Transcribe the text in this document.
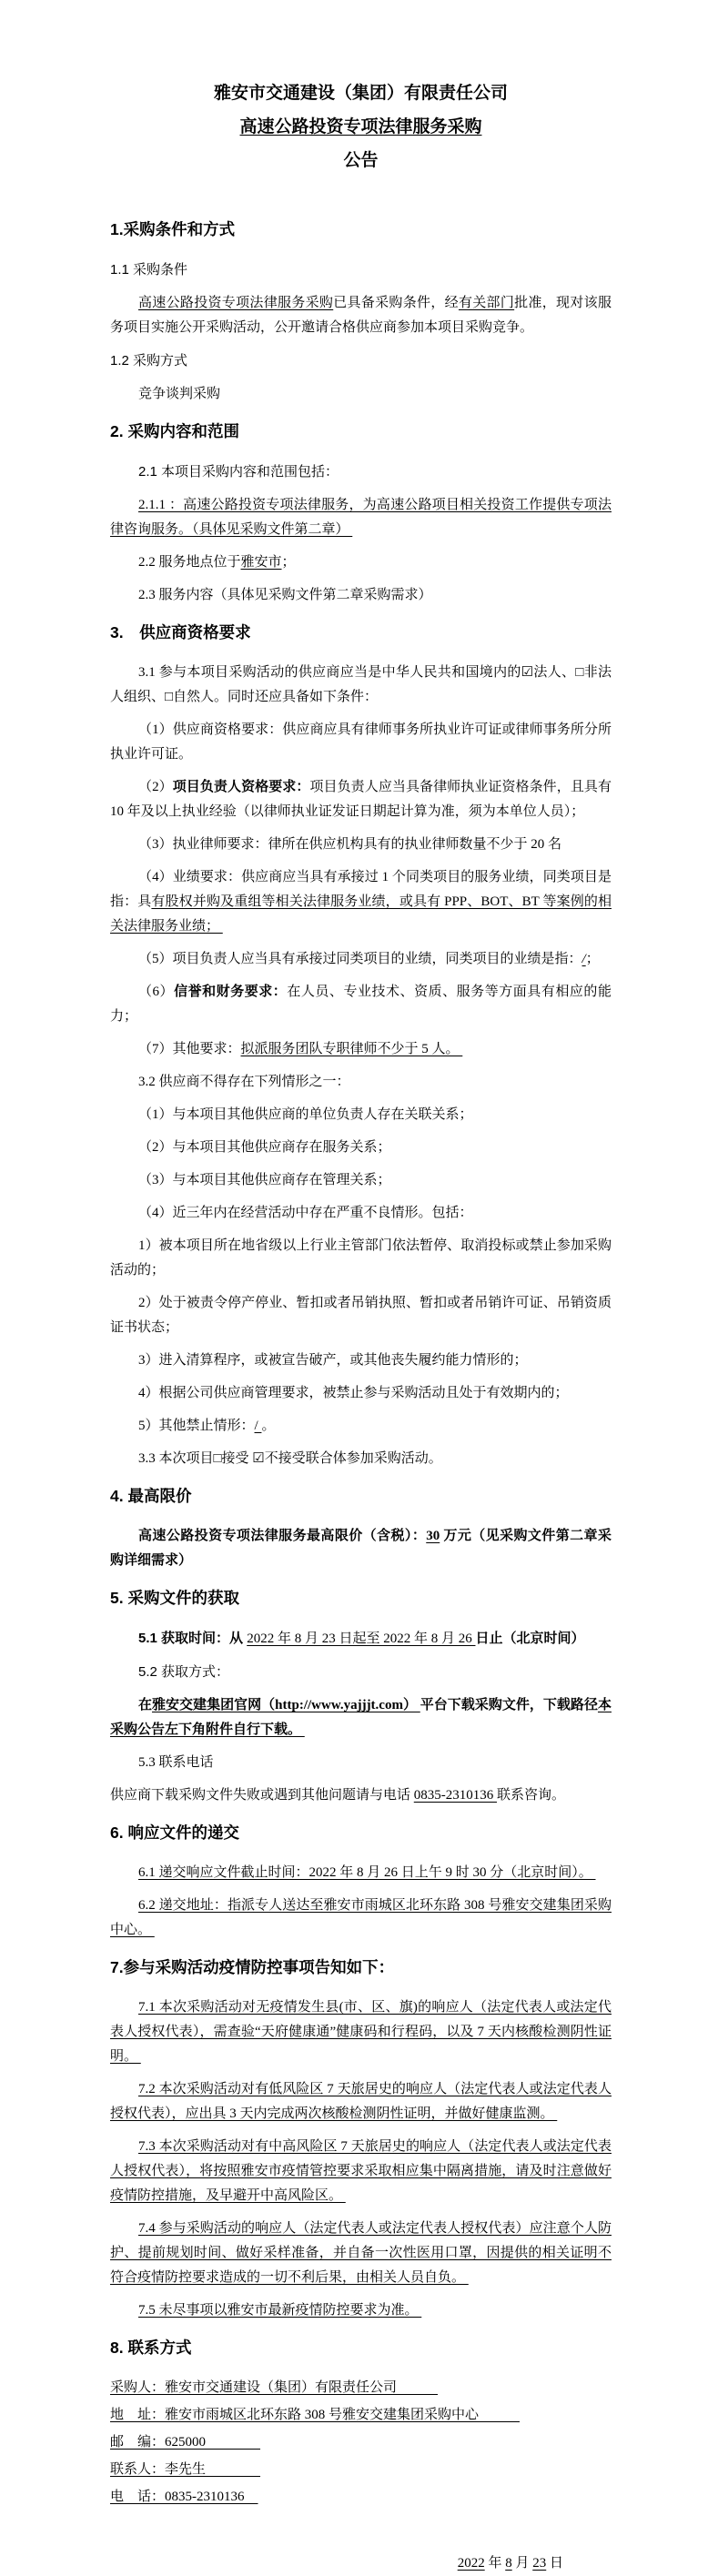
雅安市交通建设（集团）有限责任公司

高速公路投资专项法律服务采购

公告

1.采购条件和方式

1.1 采购条件

高速公路投资专项法律服务采购已具备采购条件，经有关部门批准，现对该服务项目实施公开采购活动，公开邀请合格供应商参加本项目采购竞争。

1.2 采购方式

竞争谈判采购

2. 采购内容和范围

2.1 本项目采购内容和范围包括：

2.1.1 ：高速公路投资专项法律服务，为高速公路项目相关投资工作提供专项法律咨询服务。（具体见采购文件第二章）

2.2 服务地点位于雅安市；

2.3 服务内容（具体见采购文件第二章采购需求）

3.　供应商资格要求

3.1 参与本项目采购活动的供应商应当是中华人民共和国境内的☑法人、□非法人组织、□自然人。同时还应具备如下条件：

（1）供应商资格要求：供应商应具有律师事务所执业许可证或律师事务所分所执业许可证。

（2）项目负责人资格要求：项目负责人应当具备律师执业证资格条件，且具有 10 年及以上执业经验（以律师执业证发证日期起计算为准，须为本单位人员）；

（3）执业律师要求：律所在供应机构具有的执业律师数量不少于 20 名

（4）业绩要求：供应商应当具有承接过 1 个同类项目的服务业绩，同类项目是指：具有股权并购及重组等相关法律服务业绩，或具有 PPP、BOT、BT 等案例的相关法律服务业绩；

（5）项目负责人应当具有承接过同类项目的业绩，同类项目的业绩是指：/；

（6）信誉和财务要求：在人员、专业技术、资质、服务等方面具有相应的能力；

（7）其他要求：拟派服务团队专职律师不少于 5 人。

3.2 供应商不得存在下列情形之一：

（1）与本项目其他供应商的单位负责人存在关联关系；

（2）与本项目其他供应商存在服务关系；

（3）与本项目其他供应商存在管理关系；

（4）近三年内在经营活动中存在严重不良情形。包括：

1）被本项目所在地省级以上行业主管部门依法暂停、取消投标或禁止参加采购活动的；

2）处于被责令停产停业、暂扣或者吊销执照、暂扣或者吊销许可证、吊销资质证书状态；

3）进入清算程序，或被宣告破产，或其他丧失履约能力情形的；

4）根据公司供应商管理要求，被禁止参与采购活动且处于有效期内的；

5）其他禁止情形：/ 。

3.3 本次项目□接受 ☑不接受联合体参加采购活动。

4. 最高限价

高速公路投资专项法律服务最高限价（含税）：30 万元（见采购文件第二章采购详细需求）

5. 采购文件的获取

5.1 获取时间：从 2022 年 8 月 23 日起至 2022 年 8 月 26 日止（北京时间）

5.2 获取方式：

在雅安交建集团官网（http://www.yajjjt.com） 平台下载采购文件，下载路径本采购公告左下角附件自行下载。

5.3 联系电话

供应商下载采购文件失败或遇到其他问题请与电话 0835-2310136 联系咨询。

6. 响应文件的递交

6.1 递交响应文件截止时间：2022 年 8 月 26 日上午 9 时 30 分（北京时间）。

6.2 递交地址：指派专人送达至雅安市雨城区北环东路 308 号雅安交建集团采购中心。

7.参与采购活动疫情防控事项告知如下：

7.1 本次采购活动对无疫情发生县(市、区、旗)的响应人（法定代表人或法定代表人授权代表），需查验“天府健康通”健康码和行程码，以及 7 天内核酸检测阴性证明。

7.2 本次采购活动对有低风险区 7 天旅居史的响应人（法定代表人或法定代表人授权代表），应出具 3 天内完成两次核酸检测阴性证明，并做好健康监测。

7.3 本次采购活动对有中高风险区 7 天旅居史的响应人（法定代表人或法定代表人授权代表），将按照雅安市疫情管控要求采取相应集中隔离措施，请及时注意做好疫情防控措施，及早避开中高风险区。

7.4 参与采购活动的响应人（法定代表人或法定代表人授权代表）应注意个人防护、提前规划时间、做好采样准备，并自备一次性医用口罩，因提供的相关证明不符合疫情防控要求造成的一切不利后果，由相关人员自负。

7.5 未尽事项以雅安市最新疫情防控要求为准。

8. 联系方式

采购人：雅安市交通建设（集团）有限责任公司　　　

地　址：雅安市雨城区北环东路 308 号雅安交建集团采购中心　　　

邮　编：625000　　　　

联系人：李先生　　　　

电　话：0835-2310136　

2022 年 8 月 23 日
